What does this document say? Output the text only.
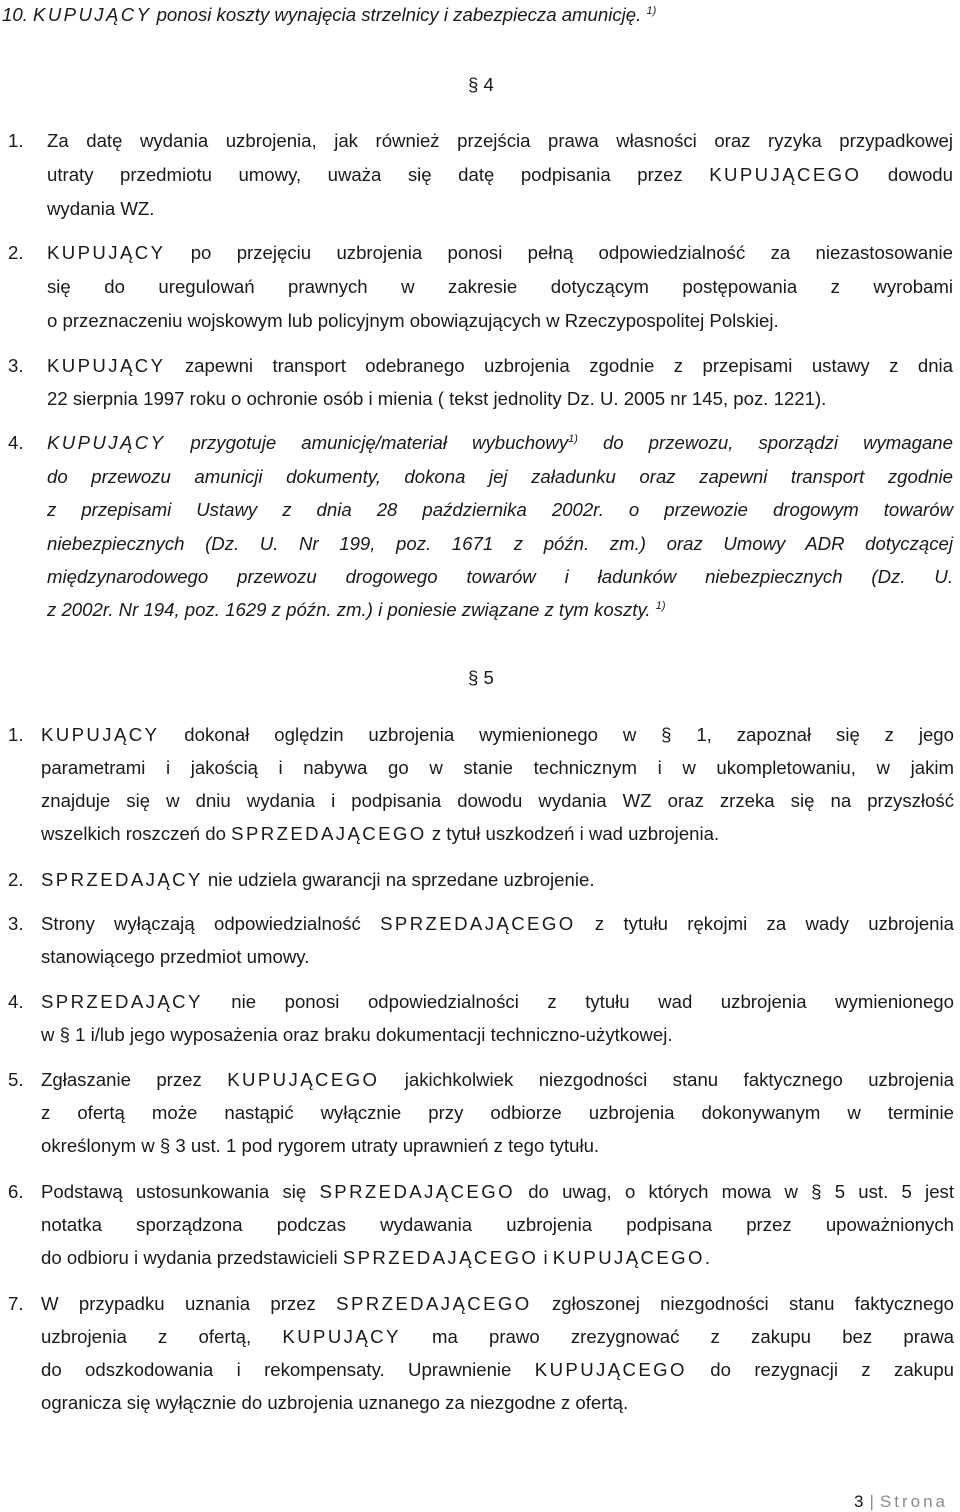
10. KUPUJĄCY ponosi koszty wynajęcia strzelnicy i zabezpiecza amunicję. $^{1)}$
§ 4
1. Za datę wydania uzbrojenia, jak również przejścia prawa własności oraz ryzyka przypadkowej
utraty przedmiotu umowy, uważa się datę podpisania przez KUPUJĄCEGO dowodu
wydania WZ.
2. KUPUJĄCY po przejęciu uzbrojenia ponosi pełną odpowiedzialność za niezastosowanie
się do uregulowań prawnych w zakresie dotyczącym postępowania z wyrobami
o przeznaczeniu wojskowym lub policyjnym obowiązujących w Rzeczypospolitej Polskiej.
3. KUPUJĄCY zapewni transport odebranego uzbrojenia zgodnie z przepisami ustawy z dnia
22 sierpnia 1997 roku o ochronie osób i mienia ( tekst jednolity Dz. U. 2005 nr 145, poz. 1221).
4. KUPUJĄCY przygotuje amunicję/materiał wybuchowy$^{1)}$ do przewozu, sporządzi wymagane
do przewozu amunicji dokumenty, dokona jej załadunku oraz zapewni transport zgodnie
z przepisami Ustawy z dnia 28 października 2002r. o przewozie drogowym towarów
niebezpiecznych (Dz. U. Nr 199, poz. 1671 z późn. zm.) oraz Umowy ADR dotyczącej
międzynarodowego przewozu drogowego towarów i ładunków niebezpiecznych (Dz. U.
z 2002r. Nr 194, poz. 1629 z późn. zm.) i poniesie związane z tym koszty. $^{1)}$
§ 5
1. KUPUJĄCY dokonał oględzin uzbrojenia wymienionego w § 1, zapoznał się z jego
parametrami i jakością i nabywa go w stanie technicznym i w ukompletowaniu, w jakim
znajduje się w dniu wydania i podpisania dowodu wydania WZ oraz zrzeka się na przyszłość
wszelkich roszczeń do SPRZEDAJĄCEGO z tytuł uszkodzeń i wad uzbrojenia.
2. SPRZEDAJĄCY nie udziela gwarancji na sprzedane uzbrojenie.
3. Strony wyłączają odpowiedzialność SPRZEDAJĄCEGO z tytułu rękojmi za wady uzbrojenia
stanowiącego przedmiot umowy.
4. SPRZEDAJĄCY nie ponosi odpowiedzialności z tytułu wad uzbrojenia wymienionego
w § 1 i/lub jego wyposażenia oraz braku dokumentacji techniczno-użytkowej.
5. Zgłaszanie przez KUPUJĄCEGO jakichkolwiek niezgodności stanu faktycznego uzbrojenia
z ofertą może nastąpić wyłącznie przy odbiorze uzbrojenia dokonywanym w terminie
określonym w § 3 ust. 1 pod rygorem utraty uprawnień z tego tytułu.
6. Podstawą ustosunkowania się SPRZEDAJĄCEGO do uwag, o których mowa w § 5 ust. 5 jest
notatka sporządzona podczas wydawania uzbrojenia podpisana przez upoważnionych
do odbioru i wydania przedstawicieli SPRZEDAJĄCEGO i KUPUJĄCEGO.
7. W przypadku uznania przez SPRZEDAJĄCEGO zgłoszonej niezgodności stanu faktycznego
uzbrojenia z ofertą, KUPUJĄCY ma prawo zrezygnować z zakupu bez prawa
do odszkodowania i rekompensaty. Uprawnienie KUPUJĄCEGO do rezygnacji z zakupu
ogranicza się wyłącznie do uzbrojenia uznanego za niezgodne z ofertą.
3 | Strona
